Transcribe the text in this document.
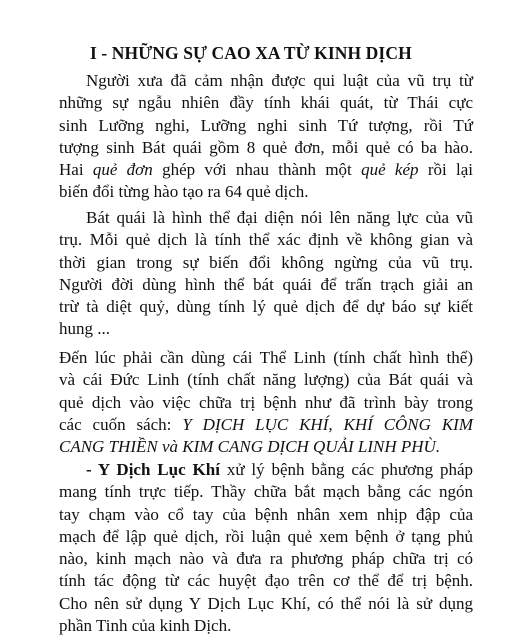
I - NHỮNG SỰ CAO XA TỪ KINH DỊCH
Người xưa đã cảm nhận được qui luật của vũ trụ từ
những sự ngẫu nhiên đầy tính khái quát, từ Thái cực
sinh Lưỡng nghi, Lưỡng nghi sinh Tứ tượng, rồi Tứ
tượng sinh Bát quái gồm 8 quẻ đơn, mỗi quẻ có ba hào.
Hai quẻ đơn ghép với nhau thành một quẻ kép rồi lại
biến đổi từng hào tạo ra 64 quẻ dịch.
Bát quái là hình thể đại diện nói lên năng lực của vũ
trụ. Mỗi quẻ dịch là tính thể xác định về không gian và
thời gian trong sự biến đổi không ngừng của vũ trụ.
Người đời dùng hình thể bát quái để trấn trạch giải an
trừ tà diệt quỷ, dùng tính lý quẻ dịch để dự báo sự kiết
hung ...
Đến lúc phải cần dùng cái Thể Linh (tính chất hình thể)
và cái Đức Linh (tính chất năng lượng) của Bát quái và
quẻ dịch vào việc chữa trị bệnh như đã trình bày trong
các cuốn sách: Y DỊCH LỤC KHÍ, KHÍ CÔNG KIM
CANG THIỀN và KIM CANG DỊCH QUẢI LINH PHÙ.
- Y Dịch Lục Khí xử lý bệnh bằng các phương pháp
mang tính trực tiếp. Thầy chữa bắt mạch bằng các ngón
tay chạm vào cổ tay của bệnh nhân xem nhịp đập của
mạch để lập quẻ dịch, rồi luận quẻ xem bệnh ở tạng phủ
nào, kinh mạch nào và đưa ra phương pháp chữa trị có
tính tác động từ các huyệt đạo trên cơ thể để trị bệnh.
Cho nên sử dụng Y Dịch Lục Khí, có thể nói là sử dụng
phần Tinh của kinh Dịch.
